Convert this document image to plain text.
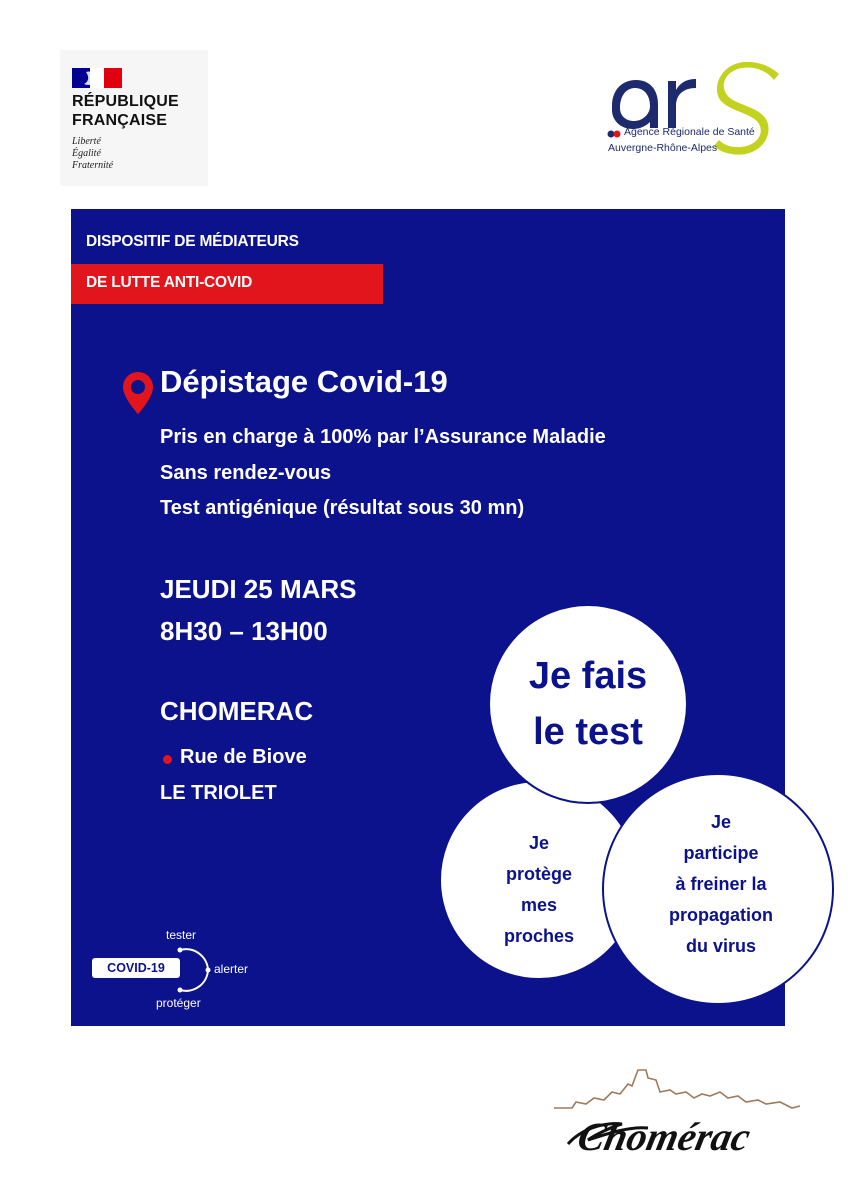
RÉPUBLIQUE
FRANÇAISE
Liberté
Égalité
Fraternité
Agence Régionale de Santé
Auvergne-Rhône-Alpes
DISPOSITIF DE MÉDIATEURS
DE LUTTE ANTI-COVID
Dépistage Covid-19
Pris en charge à 100% par l’Assurance Maladie
Sans rendez-vous
Test antigénique (résultat sous 30 mn)
JEUDI 25 MARS
8H30 – 13H00
CHOMERAC
Rue de Biove
LE TRIOLET
Je
protège
mes
proches
Je
participe
à freiner la
propagation
du virus
Je fais
le test
COVID-19
tester
alerter
protéger
Chomérac
